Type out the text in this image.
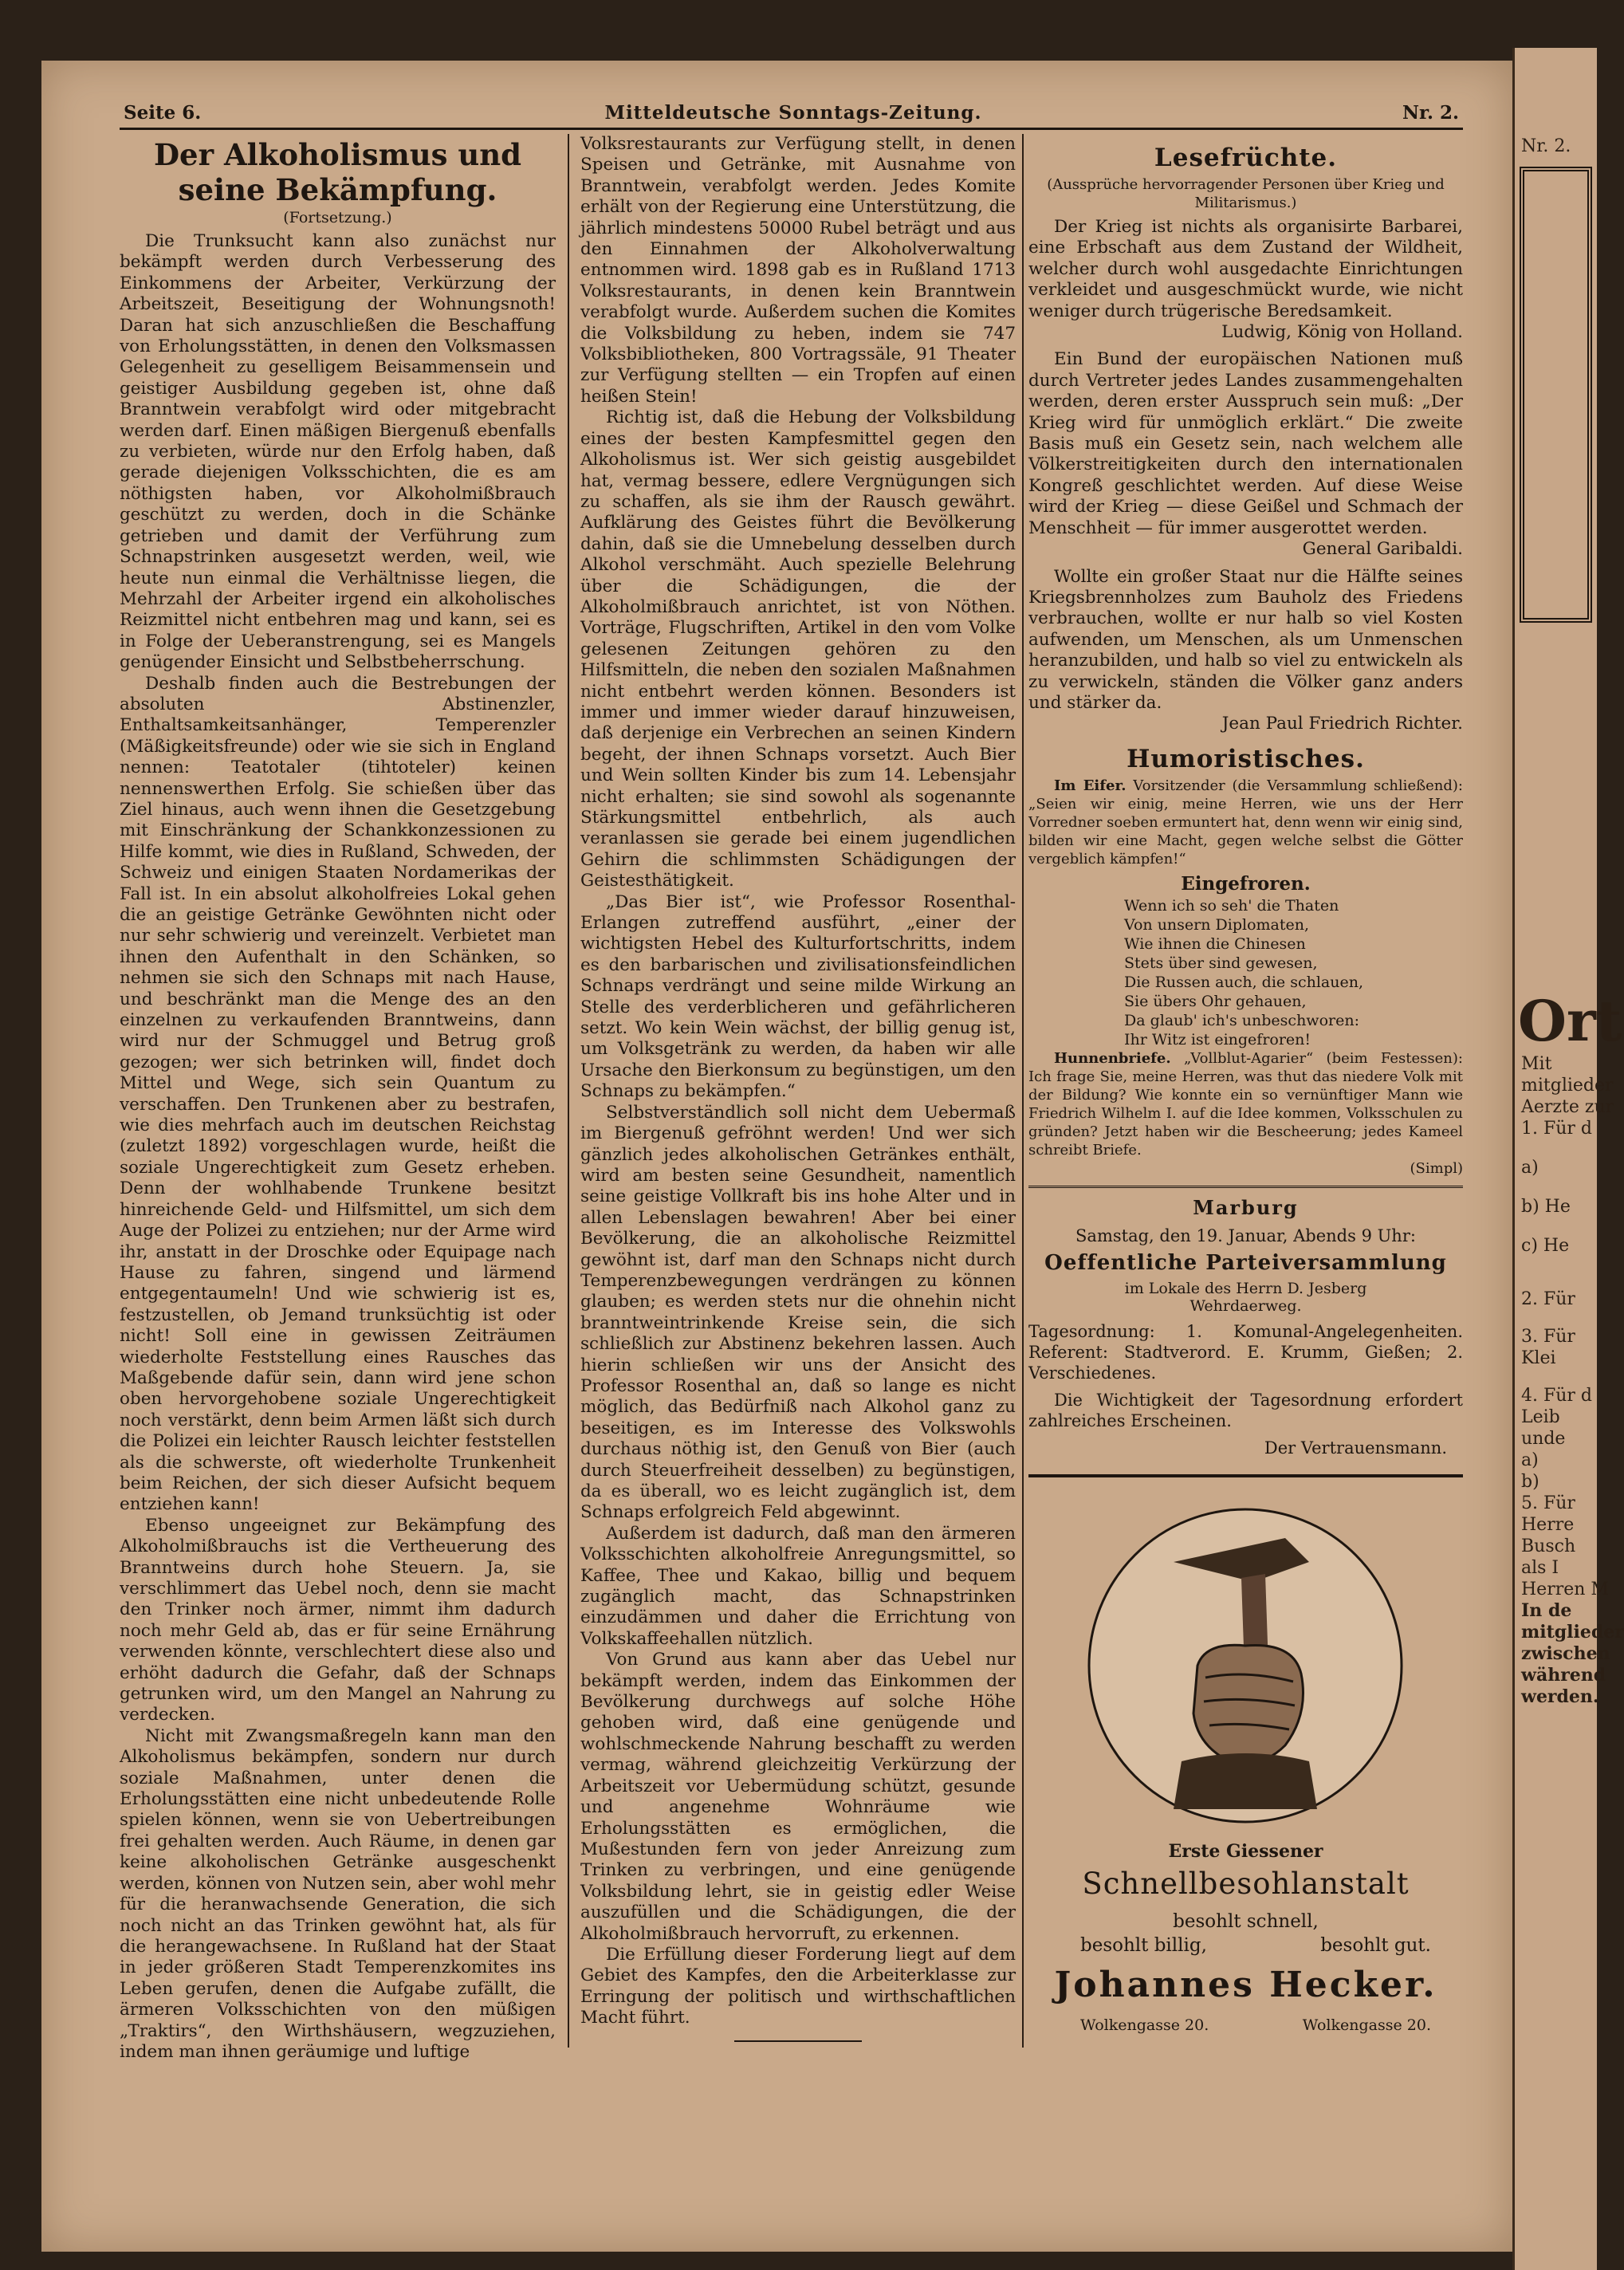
Nr. 2.
Ort
Mit
mitglieder
Aerzte zur
1. Für d
a)
b) He
c) He
2. Für
3. Für
Klei
4. Für d
Leib
unde
a)
b)
5. Für
Herre
Busch
als I
Herren M
In de
mitglieder
zwischen
während
werden.
Seite 6.	Mitteldeutsche Sonntags-Zeitung.	Nr. 2.
Der Alkoholismus und seine Bekämpfung.
(Fortsetzung.)

Die Trunksucht kann also zunächst nur bekämpft werden durch Verbesserung des Einkommens der Arbeiter, Verkürzung der Arbeitszeit, Beseitigung der Wohnungsnoth! Daran hat sich anzuschließen die Beschaffung von Erholungsstätten, in denen den Volksmassen Gelegenheit zu geselligem Beisammensein und geistiger Ausbildung gegeben ist, ohne daß Branntwein verabfolgt wird oder mitgebracht werden darf. Einen mäßigen Biergenuß ebenfalls zu verbieten, würde nur den Erfolg haben, daß gerade diejenigen Volksschichten, die es am nöthigsten haben, vor Alkoholmißbrauch geschützt zu werden, doch in die Schänke getrieben und damit der Verführung zum Schnapstrinken ausgesetzt werden, weil, wie heute nun einmal die Verhältnisse liegen, die Mehrzahl der Arbeiter irgend ein alkoholisches Reizmittel nicht entbehren mag und kann, sei es in Folge der Ueberanstrengung, sei es Mangels genügender Einsicht und Selbstbeherrschung.

Deshalb finden auch die Bestrebungen der absoluten Abstinenzler, Enthaltsamkeitsanhänger, Temperenzler (Mäßigkeitsfreunde) oder wie sie sich in England nennen: Teatotaler (tihtoteler) keinen nennenswerthen Erfolg. Sie schießen über das Ziel hinaus, auch wenn ihnen die Gesetzgebung mit Einschränkung der Schankkonzessionen zu Hilfe kommt, wie dies in Rußland, Schweden, der Schweiz und einigen Staaten Nordamerikas der Fall ist. In ein absolut alkoholfreies Lokal gehen die an geistige Getränke Gewöhnten nicht oder nur sehr schwierig und vereinzelt. Verbietet man ihnen den Aufenthalt in den Schänken, so nehmen sie sich den Schnaps mit nach Hause, und beschränkt man die Menge des an den einzelnen zu verkaufenden Branntweins, dann wird nur der Schmuggel und Betrug groß gezogen; wer sich betrinken will, findet doch Mittel und Wege, sich sein Quantum zu verschaffen. Den Trunkenen aber zu bestrafen, wie dies mehrfach auch im deutschen Reichstag (zuletzt 1892) vorgeschlagen wurde, heißt die soziale Ungerechtigkeit zum Gesetz erheben. Denn der wohlhabende Trunkene besitzt hinreichende Geld- und Hilfsmittel, um sich dem Auge der Polizei zu entziehen; nur der Arme wird ihr, anstatt in der Droschke oder Equipage nach Hause zu fahren, singend und lärmend entgegentaumeln! Und wie schwierig ist es, festzustellen, ob Jemand trunksüchtig ist oder nicht! Soll eine in gewissen Zeiträumen wiederholte Feststellung eines Rausches das Maßgebende dafür sein, dann wird jene schon oben hervorgehobene soziale Ungerechtigkeit noch verstärkt, denn beim Armen läßt sich durch die Polizei ein leichter Rausch leichter feststellen als die schwerste, oft wiederholte Trunkenheit beim Reichen, der sich dieser Aufsicht bequem entziehen kann!

Ebenso ungeeignet zur Bekämpfung des Alkoholmißbrauchs ist die Vertheuerung des Branntweins durch hohe Steuern. Ja, sie verschlimmert das Uebel noch, denn sie macht den Trinker noch ärmer, nimmt ihm dadurch noch mehr Geld ab, das er für seine Ernährung verwenden könnte, verschlechtert diese also und erhöht dadurch die Gefahr, daß der Schnaps getrunken wird, um den Mangel an Nahrung zu verdecken.

Nicht mit Zwangsmaßregeln kann man den Alkoholismus bekämpfen, sondern nur durch soziale Maßnahmen, unter denen die Erholungsstätten eine nicht unbedeutende Rolle spielen können, wenn sie von Uebertreibungen frei gehalten werden. Auch Räume, in denen gar keine alkoholischen Getränke ausgeschenkt werden, können von Nutzen sein, aber wohl mehr für die heranwachsende Generation, die sich noch nicht an das Trinken gewöhnt hat, als für die herangewachsene. In Rußland hat der Staat in jeder größeren Stadt Temperenzkomites ins Leben gerufen, denen die Aufgabe zufällt, die ärmeren Volksschichten von den müßigen „Traktirs“, den Wirthshäusern, wegzuziehen, indem man ihnen geräumige und luftige

Volksrestaurants zur Verfügung stellt, in denen Speisen und Getränke, mit Ausnahme von Branntwein, verabfolgt werden. Jedes Komite erhält von der Regierung eine Unterstützung, die jährlich mindestens 50000 Rubel beträgt und aus den Einnahmen der Alkoholverwaltung entnommen wird. 1898 gab es in Rußland 1713 Volksrestaurants, in denen kein Branntwein verabfolgt wurde. Außerdem suchen die Komites die Volksbildung zu heben, indem sie 747 Volksbibliotheken, 800 Vortragssäle, 91 Theater zur Verfügung stellten — ein Tropfen auf einen heißen Stein!

Richtig ist, daß die Hebung der Volksbildung eines der besten Kampfesmittel gegen den Alkoholismus ist. Wer sich geistig ausgebildet hat, vermag bessere, edlere Vergnügungen sich zu schaffen, als sie ihm der Rausch gewährt. Aufklärung des Geistes führt die Bevölkerung dahin, daß sie die Umnebelung desselben durch Alkohol verschmäht. Auch spezielle Belehrung über die Schädigungen, die der Alkoholmißbrauch anrichtet, ist von Nöthen. Vorträge, Flugschriften, Artikel in den vom Volke gelesenen Zeitungen gehören zu den Hilfsmitteln, die neben den sozialen Maßnahmen nicht entbehrt werden können. Besonders ist immer und immer wieder darauf hinzuweisen, daß derjenige ein Verbrechen an seinen Kindern begeht, der ihnen Schnaps vorsetzt. Auch Bier und Wein sollten Kinder bis zum 14. Lebensjahr nicht erhalten; sie sind sowohl als sogenannte Stärkungsmittel entbehrlich, als auch veranlassen sie gerade bei einem jugendlichen Gehirn die schlimmsten Schädigungen der Geistesthätigkeit.

„Das Bier ist“, wie Professor Rosenthal-Erlangen zutreffend ausführt, „einer der wichtigsten Hebel des Kulturfortschritts, indem es den barbarischen und zivilisationsfeindlichen Schnaps verdrängt und seine milde Wirkung an Stelle des verderblicheren und gefährlicheren setzt. Wo kein Wein wächst, der billig genug ist, um Volksgetränk zu werden, da haben wir alle Ursache den Bierkonsum zu begünstigen, um den Schnaps zu bekämpfen.“

Selbstverständlich soll nicht dem Uebermaß im Biergenuß gefröhnt werden! Und wer sich gänzlich jedes alkoholischen Getränkes enthält, wird am besten seine Gesundheit, namentlich seine geistige Vollkraft bis ins hohe Alter und in allen Lebenslagen bewahren! Aber bei einer Bevölkerung, die an alkoholische Reizmittel gewöhnt ist, darf man den Schnaps nicht durch Temperenzbewegungen verdrängen zu können glauben; es werden stets nur die ohnehin nicht branntweintrinkende Kreise sein, die sich schließlich zur Abstinenz bekehren lassen. Auch hierin schließen wir uns der Ansicht des Professor Rosenthal an, daß so lange es nicht möglich, das Bedürfniß nach Alkohol ganz zu beseitigen, es im Interesse des Volkswohls durchaus nöthig ist, den Genuß von Bier (auch durch Steuerfreiheit desselben) zu begünstigen, da es überall, wo es leicht zugänglich ist, dem Schnaps erfolgreich Feld abgewinnt.

Außerdem ist dadurch, daß man den ärmeren Volksschichten alkoholfreie Anregungsmittel, so Kaffee, Thee und Kakao, billig und bequem zugänglich macht, das Schnapstrinken einzudämmen und daher die Errichtung von Volkskaffeehallen nützlich.

Von Grund aus kann aber das Uebel nur bekämpft werden, indem das Einkommen der Bevölkerung durchwegs auf solche Höhe gehoben wird, daß eine genügende und wohlschmeckende Nahrung beschafft zu werden vermag, während gleichzeitig Verkürzung der Arbeitszeit vor Uebermüdung schützt, gesunde und angenehme Wohnräume wie Erholungsstätten es ermöglichen, die Mußestunden fern von jeder Anreizung zum Trinken zu verbringen, und eine genügende Volksbildung lehrt, sie in geistig edler Weise auszufüllen und die Schädigungen, die der Alkoholmißbrauch hervorruft, zu erkennen.

Die Erfüllung dieser Forderung liegt auf dem Gebiet des Kampfes, den die Arbeiterklasse zur Erringung der politisch und wirthschaftlichen Macht führt.

Lesefrüchte.
(Aussprüche hervorragender Personen über Krieg und Militarismus.)

Der Krieg ist nichts als organisirte Barbarei, eine Erbschaft aus dem Zustand der Wildheit, welcher durch wohl ausgedachte Einrichtungen verkleidet und ausgeschmückt wurde, wie nicht weniger durch trügerische Beredsamkeit.

Ludwig, König von Holland.

Ein Bund der europäischen Nationen muß durch Vertreter jedes Landes zusammengehalten werden, deren erster Ausspruch sein muß: „Der Krieg wird für unmöglich erklärt.“ Die zweite Basis muß ein Gesetz sein, nach welchem alle Völkerstreitigkeiten durch den internationalen Kongreß geschlichtet werden. Auf diese Weise wird der Krieg — diese Geißel und Schmach der Menschheit — für immer ausgerottet werden.

General Garibaldi.

Wollte ein großer Staat nur die Hälfte seines Kriegsbrennholzes zum Bauholz des Friedens verbrauchen, wollte er nur halb so viel Kosten aufwenden, um Menschen, als um Unmenschen heranzubilden, und halb so viel zu entwickeln als zu verwickeln, ständen die Völker ganz anders und stärker da.

Jean Paul Friedrich Richter.

Humoristisches.

Im Eifer. Vorsitzender (die Versammlung schließend): „Seien wir einig, meine Herren, wie uns der Herr Vorredner soeben ermuntert hat, denn wenn wir einig sind, bilden wir eine Macht, gegen welche selbst die Götter vergeblich kämpfen!“

Eingefroren.
Wenn ich so seh' die Thaten
Von unsern Diplomaten,
Wie ihnen die Chinesen
Stets über sind gewesen,
Die Russen auch, die schlauen,
Sie übers Ohr gehauen,
Da glaub' ich's unbeschworen:
Ihr Witz ist eingefroren!

Hunnenbriefe. „Vollblut-Agarier“ (beim Festessen): Ich frage Sie, meine Herren, was thut das niedere Volk mit der Bildung? Wie konnte ein so vernünftiger Mann wie Friedrich Wilhelm I. auf die Idee kommen, Volksschulen zu gründen? Jetzt haben wir die Bescheerung; jedes Kameel schreibt Briefe.

(Simpl)

Marburg
Samstag, den 19. Januar, Abends 9 Uhr:
Oeffentliche Parteiversammlung
im Lokale des Herrn D. Jesberg
Wehrdaerweg.
Tagesordnung: 1. Komunal-Angelegenheiten. Referent: Stadtverord. E. Krumm, Gießen; 2. Verschiedenes.
Die Wichtigkeit der Tagesordnung erfordert zahlreiches Erscheinen.
Der Vertrauensmann.
Erste Giessener
Schnellbesohlanstalt
besohlt schnell,
besohlt billig,	besohlt gut.
Johannes Hecker.
Wolkengasse 20.	Wolkengasse 20.
